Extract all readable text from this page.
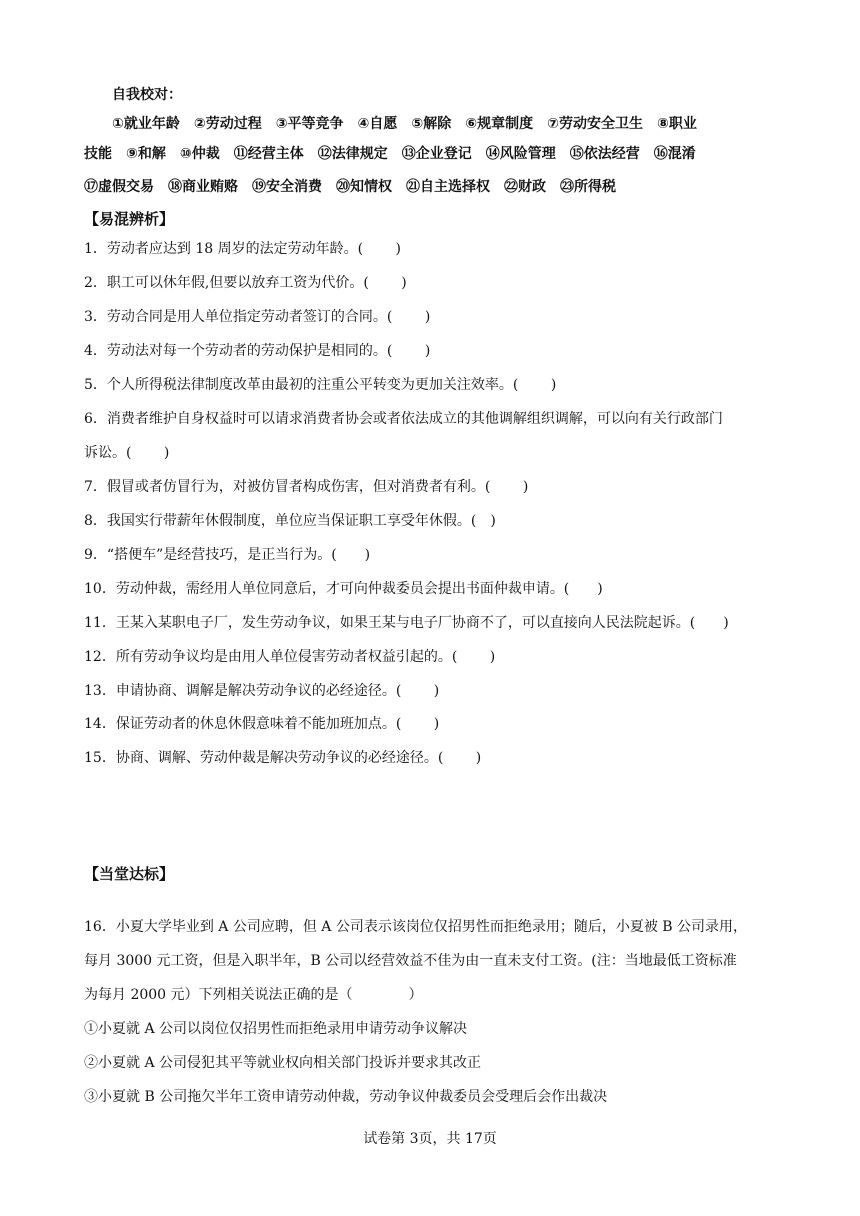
自我校对：
①就业年龄　②劳动过程　③平等竞争　④自愿　⑤解除　⑥规章制度　⑦劳动安全卫生　⑧职业
技能　⑨和解　⑩仲裁　⑪经营主体　⑫法律规定　⑬企业登记　⑭风险管理　⑮依法经营　⑯混淆
⑰虚假交易　⑱商业贿赂　⑲安全消费　⑳知情权　㉑自主选择权　㉒财政　㉓所得税
【易混辨析】
1．劳动者应达到 18 周岁的法定劳动年龄。(　　 )
2．职工可以休年假,但要以放弃工资为代价。(　　 )
3．劳动合同是用人单位指定劳动者签订的合同。(　　 )
4．劳动法对每一个劳动者的劳动保护是相同的。(　　 )
5．个人所得税法律制度改革由最初的注重公平转变为更加关注效率。(　　 )
6．消费者维护自身权益时可以请求消费者协会或者依法成立的其他调解组织调解，可以向有关行政部门
诉讼。(　　 )
7．假冒或者仿冒行为，对被仿冒者构成伤害，但对消费者有利。(　　 )
8．我国实行带薪年休假制度，单位应当保证职工享受年休假。(　)
9．“搭便车”是经营技巧，是正当行为。(　　)
10．劳动仲裁，需经用人单位同意后，才可向仲裁委员会提出书面仲裁申请。(　　)
11．王某入某职电子厂，发生劳动争议，如果王某与电子厂协商不了，可以直接向人民法院起诉。(　　)
12．所有劳动争议均是由用人单位侵害劳动者权益引起的。(　　 )
13．申请协商、调解是解决劳动争议的必经途径。(　　 )
14．保证劳动者的休息休假意味着不能加班加点。(　　 )
15．协商、调解、劳动仲裁是解决劳动争议的必经途径。(　　 )
【当堂达标】
16．小夏大学毕业到 A 公司应聘，但 A 公司表示该岗位仅招男性而拒绝录用；随后，小夏被 B 公司录用，
每月 3000 元工资，但是入职半年，B 公司以经营效益不佳为由一直未支付工资。(注：当地最低工资标准
为每月 2000 元）下列相关说法正确的是（　　　　）
①小夏就 A 公司以岗位仅招男性而拒绝录用申请劳动争议解决
②小夏就 A 公司侵犯其平等就业权向相关部门投诉并要求其改正
③小夏就 B 公司拖欠半年工资申请劳动仲裁，劳动争议仲裁委员会受理后会作出裁决
试卷第 3页，共 17页
